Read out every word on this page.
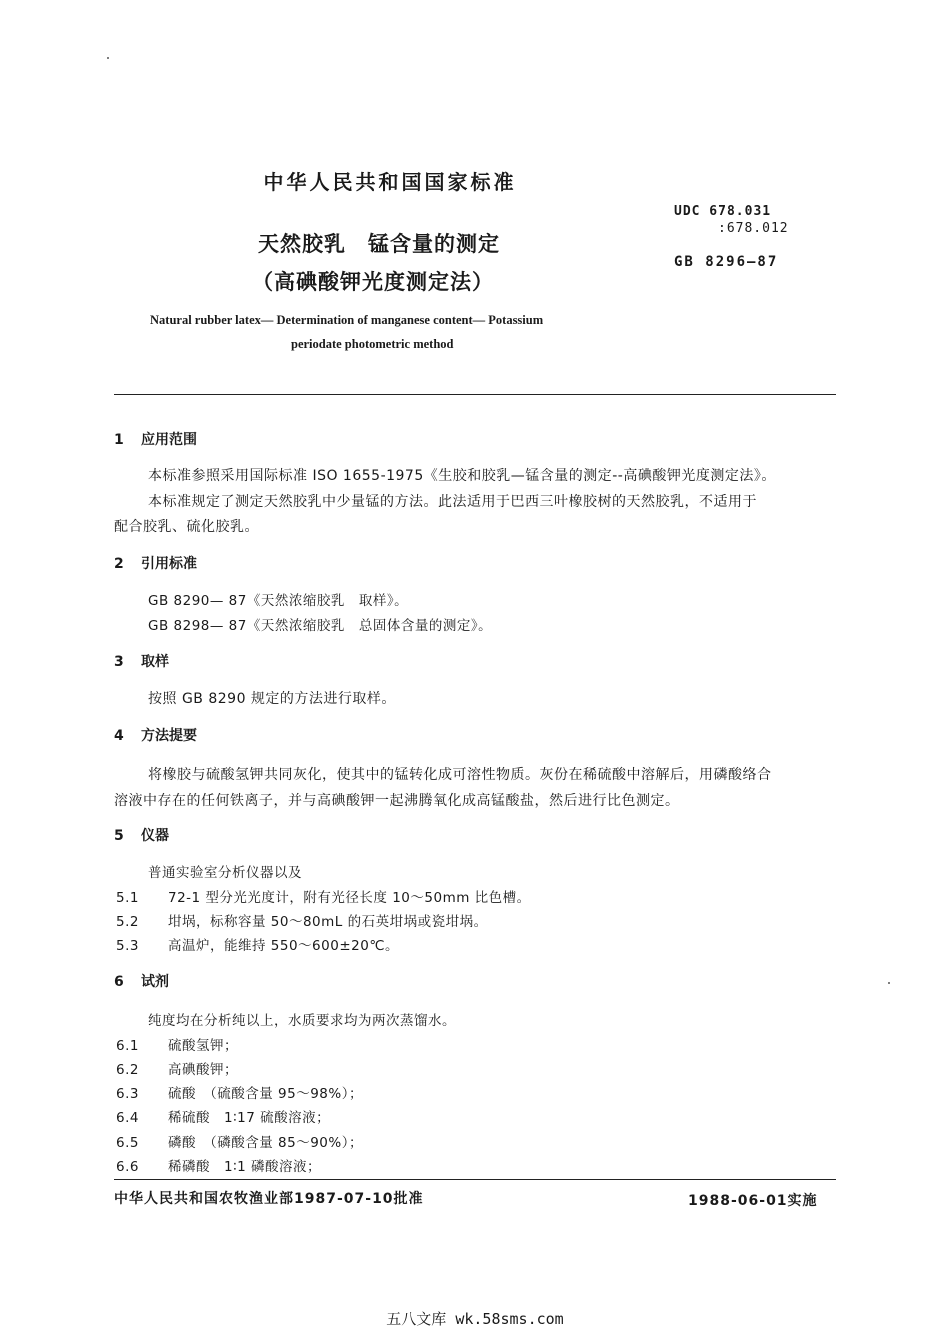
中华人民共和国国家标准
UDC 678.031
:678.012
GB 8296—87
天然胶乳　锰含量的测定
（高碘酸钾光度测定法）
Natural rubber latex— Determination of manganese content— Potassium
periodate photometric method
1 应用范围
本标准参照采用国际标准 ISO 1655-1975《生胶和胶乳—锰含量的测定--高碘酸钾光度测定法》。
本标准规定了测定天然胶乳中少量锰的方法。此法适用于巴西三叶橡胶树的天然胶乳，不适用于
配合胶乳、硫化胶乳。
2 引用标准
GB 8290— 87《天然浓缩胶乳　取样》。
GB 8298— 87《天然浓缩胶乳　总固体含量的测定》。
3 取样
按照 GB 8290 规定的方法进行取样。
4 方法提要
将橡胶与硫酸氢钾共同灰化，使其中的锰转化成可溶性物质。灰份在稀硫酸中溶解后，用磷酸络合
溶液中存在的任何铁离子，并与高碘酸钾一起沸腾氧化成高锰酸盐，然后进行比色测定。
5 仪器
普通实验室分析仪器以及
5.1 72-1 型分光光度计，附有光径长度 10～50mm 比色槽。
5.2 坩埚，标称容量 50～80mL 的石英坩埚或瓷坩埚。
5.3 高温炉，能维持 550～600±20℃。
6 试剂
纯度均在分析纯以上，水质要求均为两次蒸馏水。
6.1 硫酸氢钾；
6.2 高碘酸钾；
6.3 硫酸　（硫酸含量 95～98%）；
6.4 稀硫酸　1∶17 硫酸溶液；
6.5 磷酸　（磷酸含量 85～90%）；
6.6 稀磷酸　1∶1 磷酸溶液；
中华人民共和国农牧渔业部1987-07-10批准	1988-06-01实施
五八文库 wk.58sms.com
